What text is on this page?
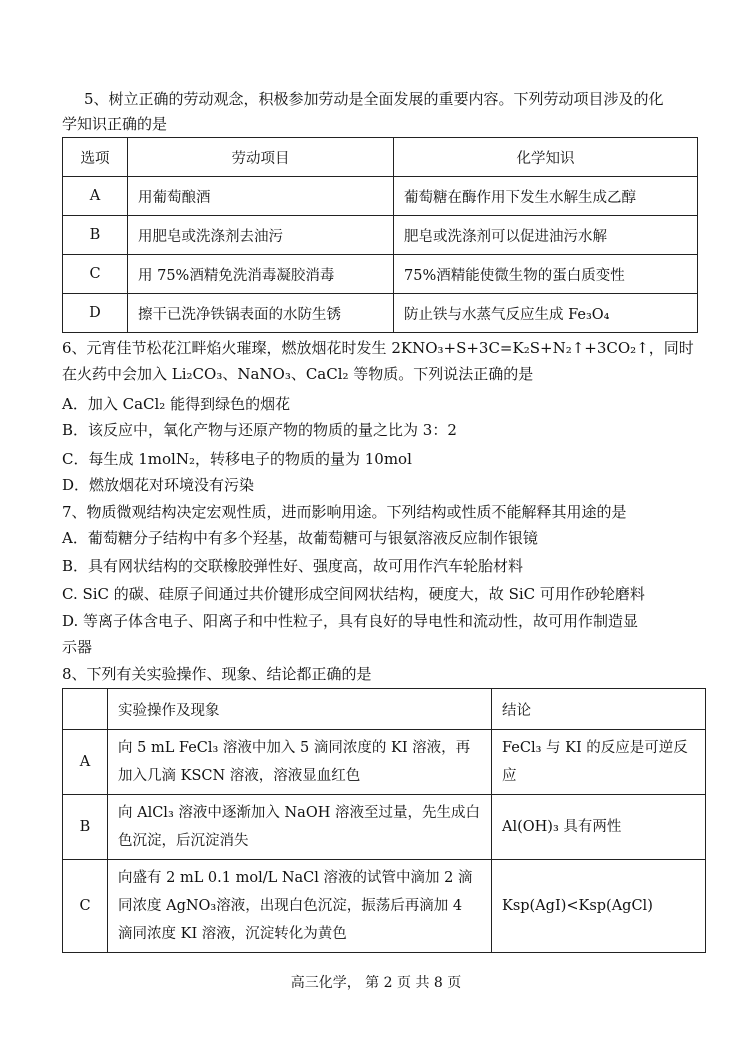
5、树立正确的劳动观念，积极参加劳动是全面发展的重要内容。下列劳动项目涉及的化
学知识正确的是
选项	劳动项目	化学知识
A	用葡萄酿酒	葡萄糖在酶作用下发生水解生成乙醇
B	用肥皂或洗涤剂去油污	肥皂或洗涤剂可以促进油污水解
C	用 75%酒精免洗消毒凝胶消毒	75%酒精能使微生物的蛋白质变性
D	擦干已洗净铁锅表面的水防生锈	防止铁与水蒸气反应生成 Fe₃O₄
6、元宵佳节松花江畔焰火璀璨，燃放烟花时发生 2KNO₃+S+3C=K₂S+N₂↑+3CO₂↑，同时
在火药中会加入 Li₂CO₃、NaNO₃、CaCl₂ 等物质。下列说法正确的是
A．加入 CaCl₂ 能得到绿色的烟花
B．该反应中，氧化产物与还原产物的物质的量之比为 3：2
C．每生成 1molN₂，转移电子的物质的量为 10mol
D．燃放烟花对环境没有污染
7、物质微观结构决定宏观性质，进而影响用途。下列结构或性质不能解释其用途的是
A．葡萄糖分子结构中有多个羟基，故葡萄糖可与银氨溶液反应制作银镜
B．具有网状结构的交联橡胶弹性好、强度高，故可用作汽车轮胎材料
C. SiC 的碳、硅原子间通过共价键形成空间网状结构，硬度大，故 SiC 可用作砂轮磨料
D. 等离子体含电子、阳离子和中性粒子，具有良好的导电性和流动性，故可用作制造显
示器
8、下列有关实验操作、现象、结论都正确的是
	实验操作及现象	结论
A	向 5 mL FeCl₃ 溶液中加入 5 滴同浓度的 KI 溶液，再加入几滴 KSCN 溶液，溶液显血红色	FeCl₃ 与 KI 的反应是可逆反应
B	向 AlCl₃ 溶液中逐渐加入 NaOH 溶液至过量，先生成白色沉淀，后沉淀消失	Al(OH)₃ 具有两性
C	向盛有 2 mL 0.1 mol/L NaCl 溶液的试管中滴加 2 滴同浓度 AgNO₃溶液，出现白色沉淀，振荡后再滴加 4 滴同浓度 KI 溶液，沉淀转化为黄色	Ksp(AgI)<Ksp(AgCl)
高三化学， 第 2 页 共 8 页
